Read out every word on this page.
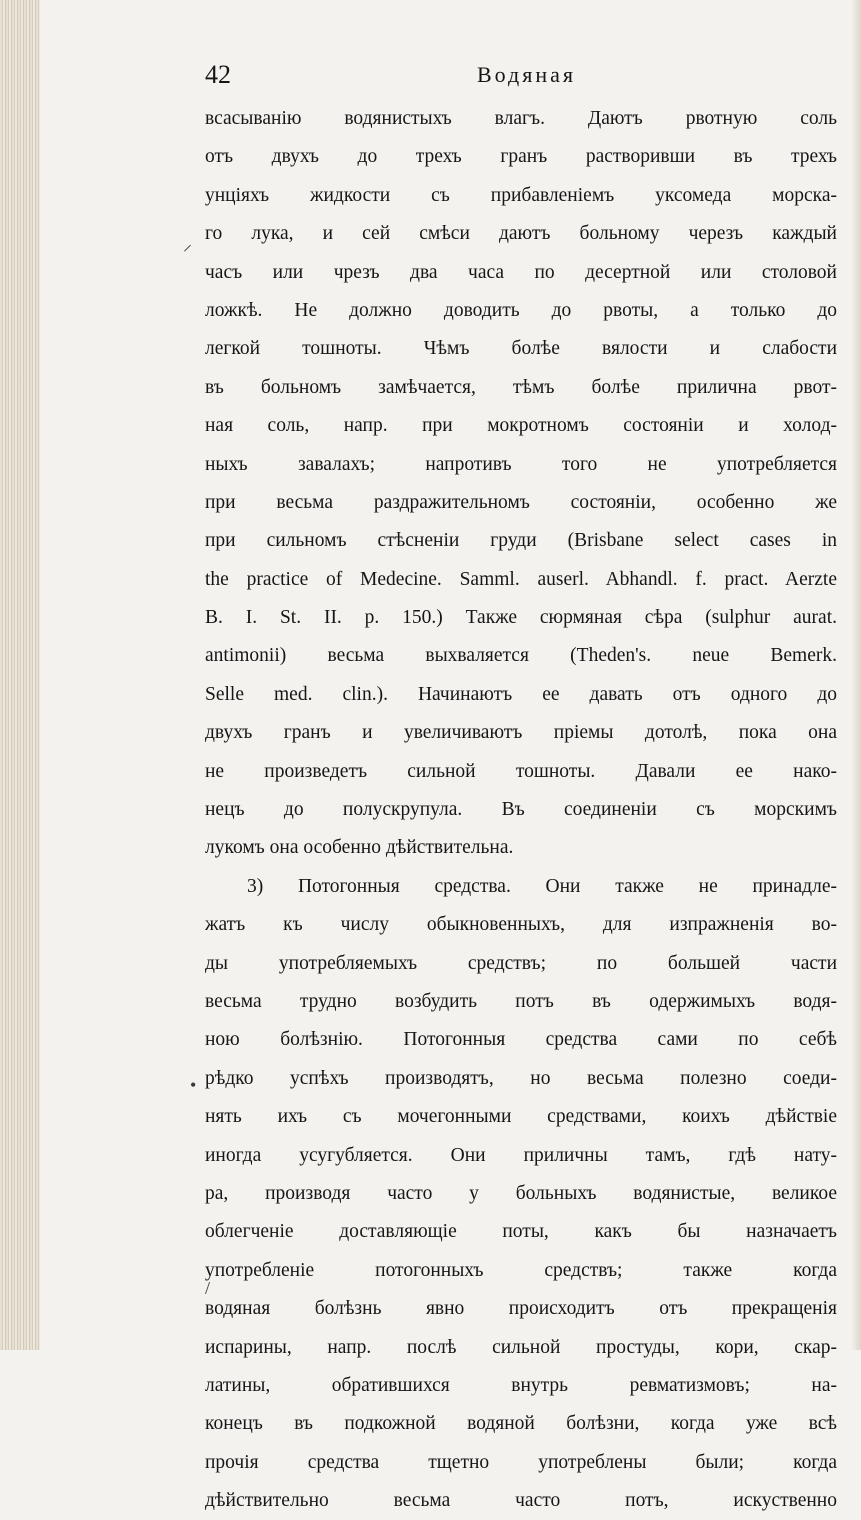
⸝
•
/
42	Водяная
всасыванію водянистыхъ влагъ. Даютъ рвотную соль
отъ двухъ до трехъ гранъ растворивши въ трехъ
унціяхъ жидкости съ прибавленіемъ уксомеда морска-
го лука, и сей смѣси даютъ больному черезъ каждый
часъ или чрезъ два часа по десертной или столовой
ложкѣ. Не должно доводить до рвоты, а только до
легкой тошноты. Чѣмъ болѣе вялости и слабости
въ больномъ замѣчается, тѣмъ болѣе прилична рвот-
ная соль, напр. при мокротномъ состояніи и холод-
ныхъ завалахъ; напротивъ того не употребляется
при весьма раздражительномъ состояніи, особенно же
при сильномъ стѣсненіи груди (Brisbane select cases in
the practice of Medecine. Samml. auserl. Abhandl. f. pract. Aerzte
B. I. St. II. p. 150.) Также сюрмяная сѣра (sulphur aurat.
antimonii) весьма выхваляется (Theden's. neue Bemerk.
Selle med. clin.). Начинаютъ ее давать отъ одного до
двухъ гранъ и увеличиваютъ пріемы дотолѣ, пока она
не произведетъ сильной тошноты. Давали ее нако-
нецъ до полускрупула. Въ соединеніи съ морскимъ
лукомъ она особенно дѣйствительна.
3) Потогонныя средства. Они также не принадле-
жатъ къ числу обыкновенныхъ, для изпражненія во-
ды употребляемыхъ средствъ; по большей части
весьма трудно возбудить потъ въ одержимыхъ водя-
ною болѣзнію. Потогонныя средства сами по себѣ
рѣдко успѣхъ производятъ, но весьма полезно соеди-
нять ихъ съ мочегонными средствами, коихъ дѣйствіе
иногда усугубляется. Они приличны тамъ, гдѣ нату-
ра, производя часто у больныхъ водянистые, великое
облегченіе доставляющіе поты, какъ бы назначаетъ
употребленіе потогонныхъ средствъ; также когда
водяная болѣзнь явно происходитъ отъ прекращенія
испарины, напр. послѣ сильной простуды, кори, скар-
латины, обратившихся внутрь ревматизмовъ; на-
конецъ въ подкожной водяной болѣзни, когда уже всѣ
прочія средства тщетно употреблены были; когда
дѣйствительно весьма часто потъ, искуственно
